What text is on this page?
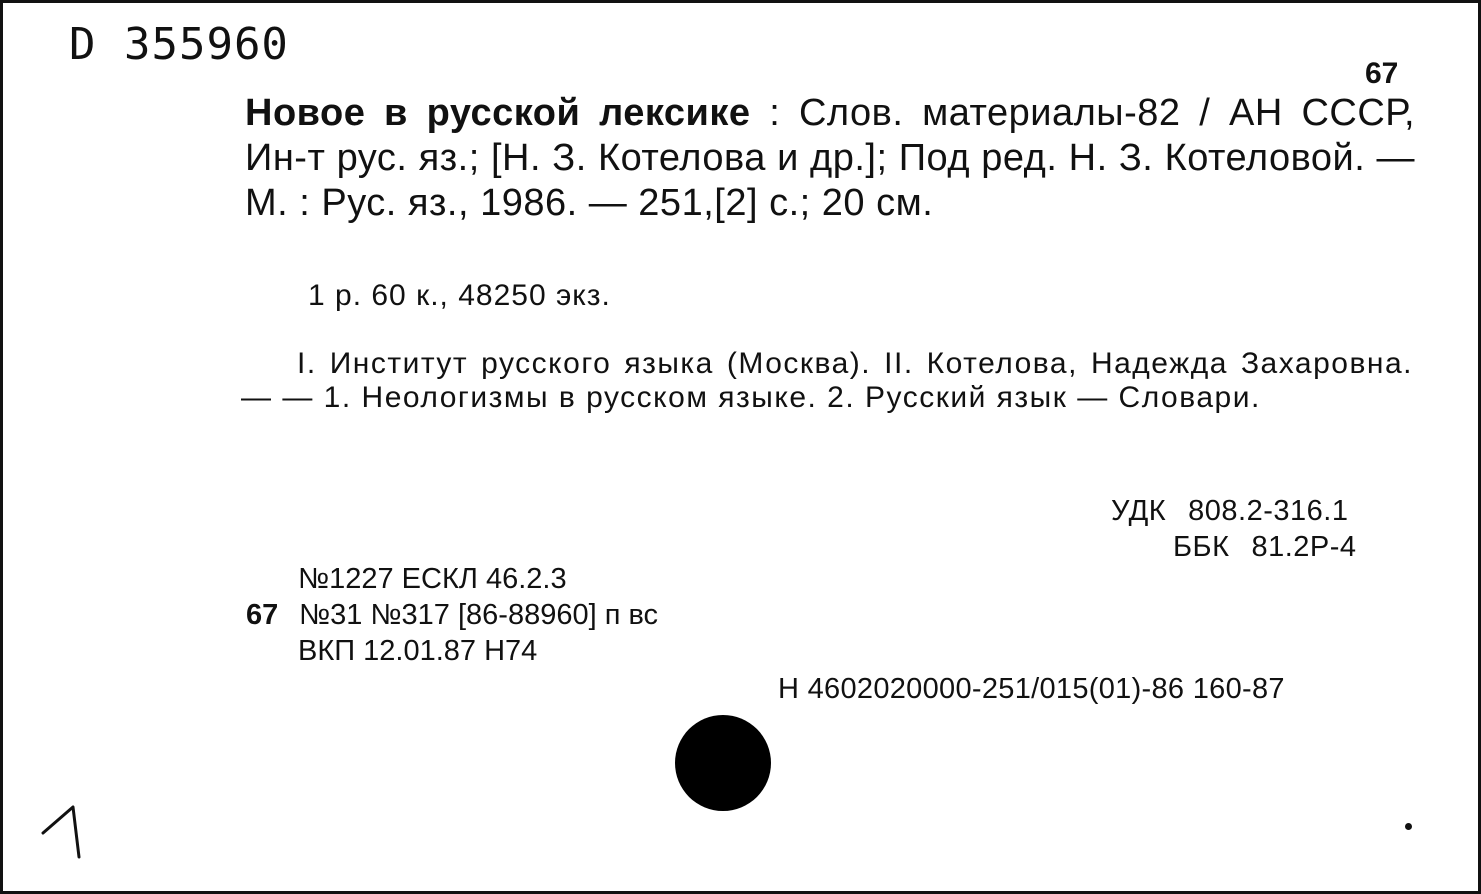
D 355960
67
Новое в русской лексике : Слов. материалы-82 / АН СССР, Ин-т рус. яз.; [Н. З. Котелова и др.]; Под ред. Н. З. Котеловой. — М. : Рус. яз., 1986. — 251,[2] с.; 20 см.
1 р. 60 к., 48250 экз.
I. Институт русского языка (Москва). II. Котелова, Надежда Захаровна. — — 1. Неологизмы в русском языке. 2. Русский язык — Словари.
УДК 808.2-316.1
ББК 81.2Р-4
№1227 ЕСКЛ 46.2.3
67 №31 №317 [86-88960] п вс
ВКП 12.01.87 Н74
Н 4602020000-251/015(01)-86 160-87
